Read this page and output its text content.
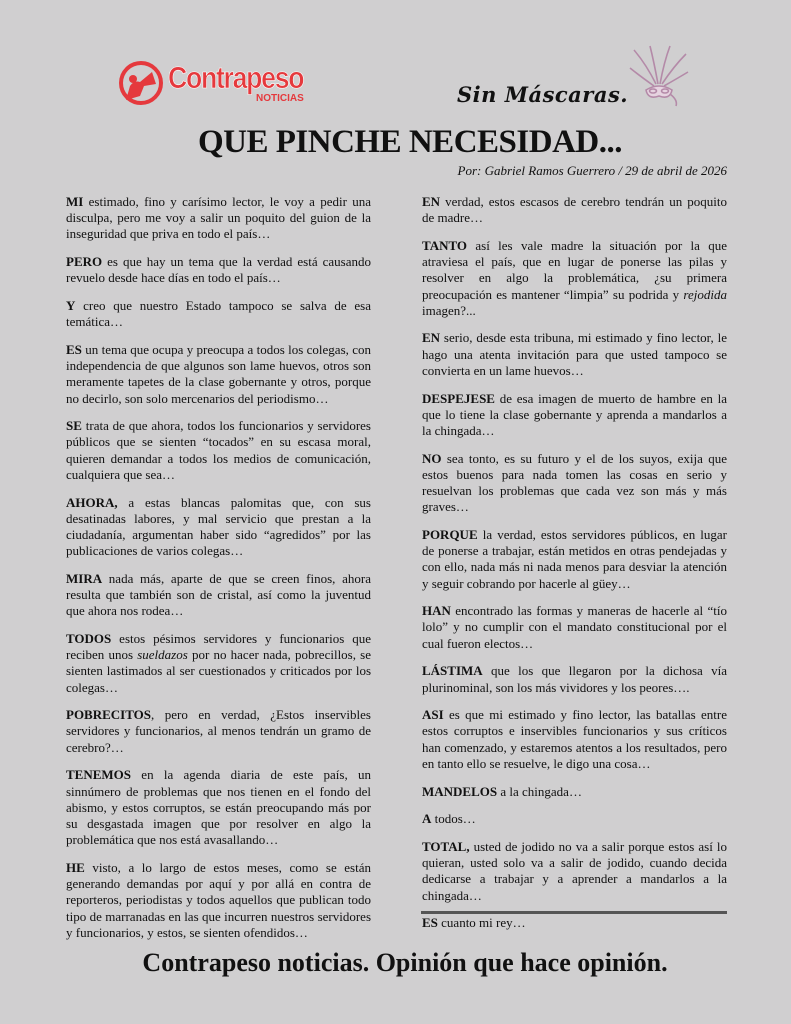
Contrapeso
NOTICIAS	Sin Máscaras.
QUE PINCHE NECESIDAD...
Por: Gabriel Ramos Guerrero / 29 de abril de 2026

MI estimado, fino y carísimo lector, le voy a pedir una disculpa, pero me voy a salir un poquito del guion de la inseguridad que priva en todo el país…

PERO es que hay un tema que la verdad está causando revuelo desde hace días en todo el país…

Y creo que nuestro Estado tampoco se salva de esa temática…

ES un tema que ocupa y preocupa a todos los colegas, con independencia de que algunos son lame huevos, otros son meramente tapetes de la clase gobernante y otros, porque no decirlo, son solo mercenarios del periodismo…

SE trata de que ahora, todos los funcionarios y servidores públicos que se sienten “tocados” en su escasa moral, quieren demandar a todos los medios de comunicación, cualquiera que sea…

AHORA, a estas blancas palomitas que, con sus desatinadas labores, y mal servicio que prestan a la ciudadanía, argumentan haber sido “agredidos” por las publicaciones de varios colegas…

MIRA nada más, aparte de que se creen finos, ahora resulta que también son de cristal, así como la juventud que ahora nos rodea…

TODOS estos pésimos servidores y funcionarios que reciben unos sueldazos por no hacer nada, pobrecillos, se sienten lastimados al ser cuestionados y criticados por los colegas…

POBRECITOS, pero en verdad, ¿Estos inservibles servidores y funcionarios, al menos tendrán un gramo de cerebro?…

TENEMOS en la agenda diaria de este país, un sinnúmero de problemas que nos tienen en el fondo del abismo, y estos corruptos, se están preocupando más por su desgastada imagen que por resolver en algo la problemática que nos está avasallando…

HE visto, a lo largo de estos meses, como se están generando demandas por aquí y por allá en contra de reporteros, periodistas y todos aquellos que publican todo tipo de marranadas en las que incurren nuestros servidores y funcionarios, y estos, se sienten ofendidos…

EN verdad, estos escasos de cerebro tendrán un poquito de madre…

TANTO así les vale madre la situación por la que atraviesa el país, que en lugar de ponerse las pilas y resolver en algo la problemática, ¿su primera preocupación es mantener “limpia” su podrida y rejodida imagen?...

EN serio, desde esta tribuna, mi estimado y fino lector, le hago una atenta invitación para que usted tampoco se convierta en un lame huevos…

DESPEJESE de esa imagen de muerto de hambre en la que lo tiene la clase gobernante y aprenda a mandarlos a la chingada…

NO sea tonto, es su futuro y el de los suyos, exija que estos buenos para nada tomen las cosas en serio y resuelvan los problemas que cada vez son más y más graves…

PORQUE la verdad, estos servidores públicos, en lugar de ponerse a trabajar, están metidos en otras pendejadas y con ello, nada más ni nada menos para desviar la atención y seguir cobrando por hacerle al güey…

HAN encontrado las formas y maneras de hacerle al “tío lolo” y no cumplir con el mandato constitucional por el cual fueron electos…

LÁSTIMA que los que llegaron por la dichosa vía plurinominal, son los más vividores y los peores….

ASI es que mi estimado y fino lector, las batallas entre estos corruptos e inservibles funcionarios y sus críticos han comenzado, y estaremos atentos a los resultados, pero en tanto ello se resuelve, le digo una cosa…

MANDELOS a la chingada…

A todos…

TOTAL, usted de jodido no va a salir porque estos así lo quieran, usted solo va a salir de jodido, cuando decida dedicarse a trabajar y a aprender a mandarlos a la chingada…

ES cuanto mi rey…

Contrapeso noticias. Opinión que hace opinión.
